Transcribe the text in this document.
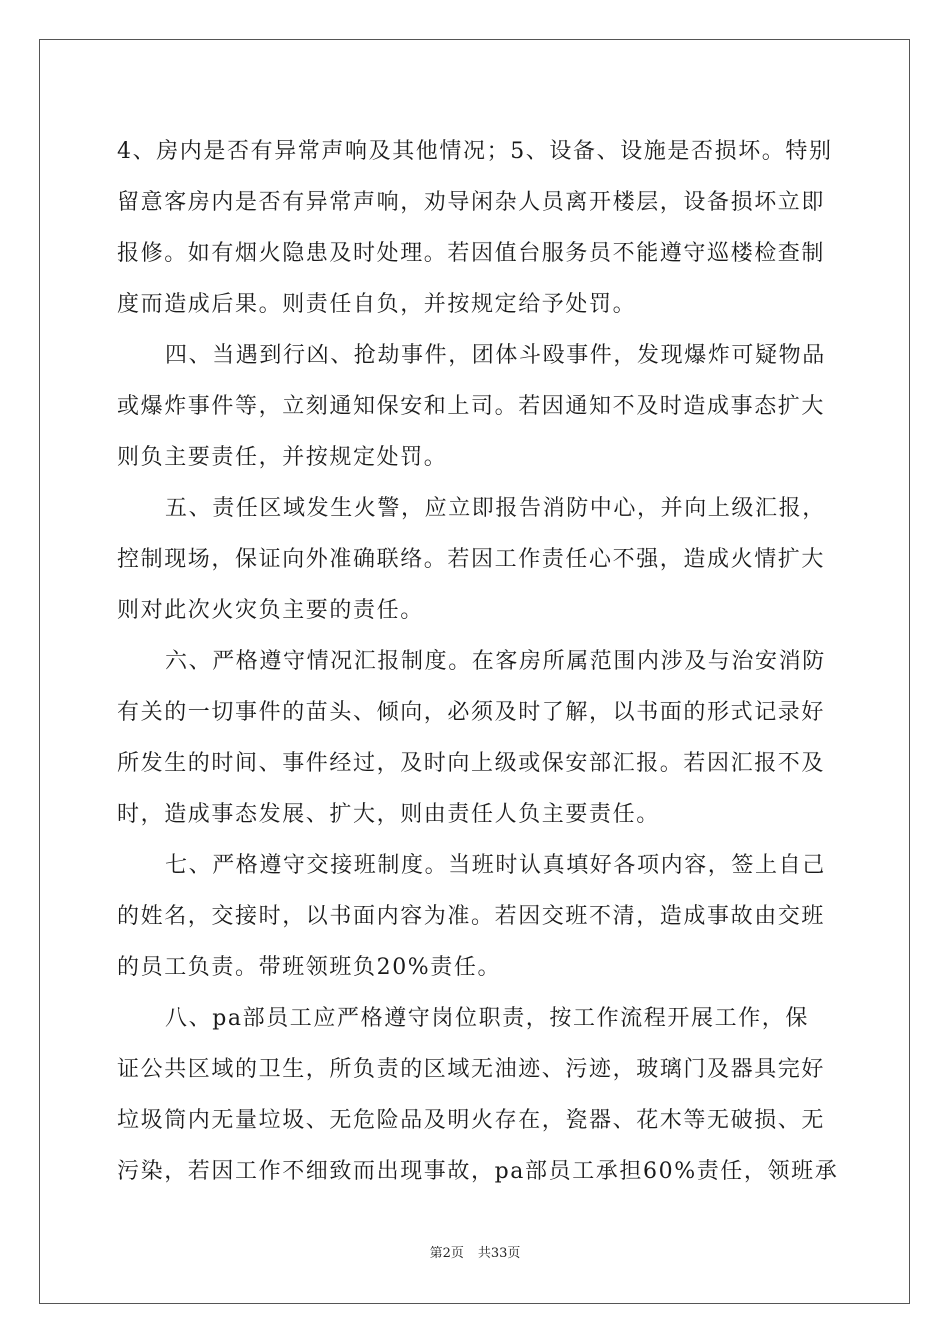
4、房内是否有异常声响及其他情况；5、设备、设施是否损坏。特别
留意客房内是否有异常声响，劝导闲杂人员离开楼层，设备损坏立即
报修。如有烟火隐患及时处理。若因值台服务员不能遵守巡楼检查制
度而造成后果。则责任自负，并按规定给予处罚。
四、当遇到行凶、抢劫事件，团体斗殴事件，发现爆炸可疑物品
或爆炸事件等，立刻通知保安和上司。若因通知不及时造成事态扩大
则负主要责任，并按规定处罚。
五、责任区域发生火警，应立即报告消防中心，并向上级汇报，
控制现场，保证向外准确联络。若因工作责任心不强，造成火情扩大
则对此次火灾负主要的责任。
六、严格遵守情况汇报制度。在客房所属范围内涉及与治安消防
有关的一切事件的苗头、倾向，必须及时了解，以书面的形式记录好
所发生的时间、事件经过，及时向上级或保安部汇报。若因汇报不及
时，造成事态发展、扩大，则由责任人负主要责任。
七、严格遵守交接班制度。当班时认真填好各项内容，签上自己
的姓名，交接时，以书面内容为准。若因交班不清，造成事故由交班
的员工负责。带班领班负20%责任。
八、pa部员工应严格遵守岗位职责，按工作流程开展工作，保
证公共区域的卫生，所负责的区域无油迹、污迹，玻璃门及器具完好
垃圾筒内无量垃圾、无危险品及明火存在，瓷器、花木等无破损、无
污染，若因工作不细致而出现事故，pa部员工承担60%责任，领班承
第2页 共33页
